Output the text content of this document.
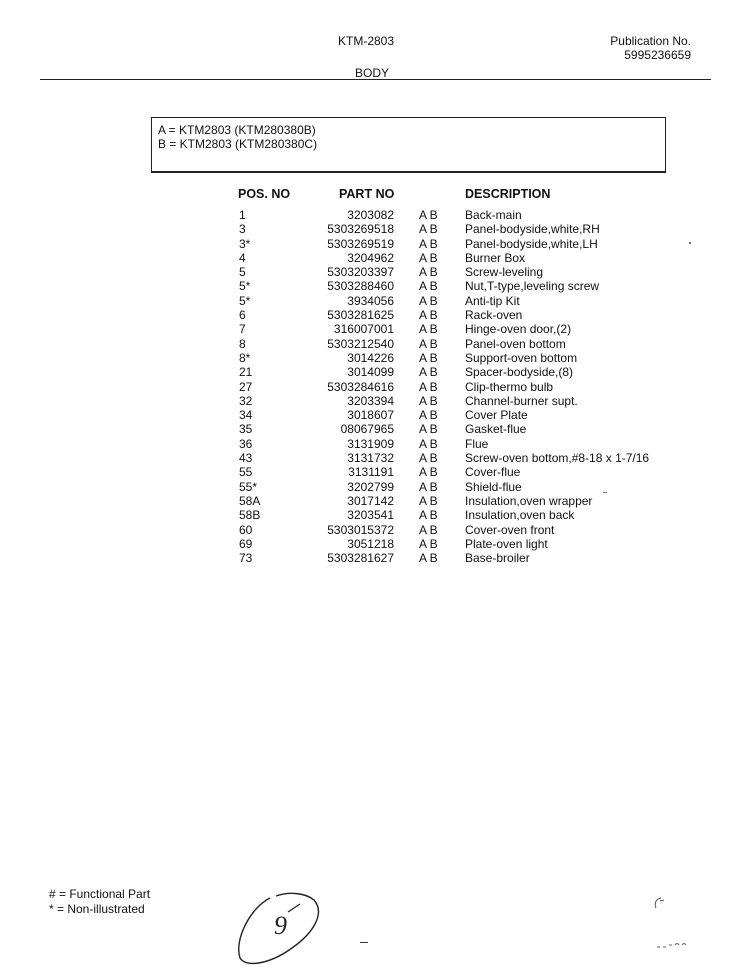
KTM-2803	Publication No.
5995236659
BODY
A = KTM2803 (KTM280380B)
B = KTM2803 (KTM280380C)
POS. NO	PART NO	DESCRIPTION
1	3203082 A B Back-main
3	5303269518 A B Panel-bodyside,white,RH
3*	5303269519 A B Panel-bodyside,white,LH
4	3204962 A B Burner Box
5	5303203397 A B Screw-leveling
5*	5303288460 A B Nut,T-type,leveling screw
5*	3934056 A B Anti-tip Kit
6	5303281625 A B Rack-oven
7	316007001 A B Hinge-oven door,(2)
8	5303212540 A B Panel-oven bottom
8*	3014226 A B Support-oven bottom
21	3014099 A B Spacer-bodyside,(8)
27	5303284616 A B Clip-thermo bulb
32	3203394 A B Channel-burner supt.
34	3018607 A B Cover Plate
35	08067965 A B Gasket-flue
36	3131909 A B Flue
43	3131732 A B Screw-oven bottom,#8-18 x 1-7/16
55	3131191 A B Cover-flue
55*	3202799 A B Shield-flue
58A	3017142 A B Insulation,oven wrapper
58B	3203541 A B Insulation,oven back
60	5303015372 A B Cover-oven front
69	3051218 A B Plate-oven light
73	5303281627 A B Base-broiler
# = Functional Part
* = Non-illustrated
9
